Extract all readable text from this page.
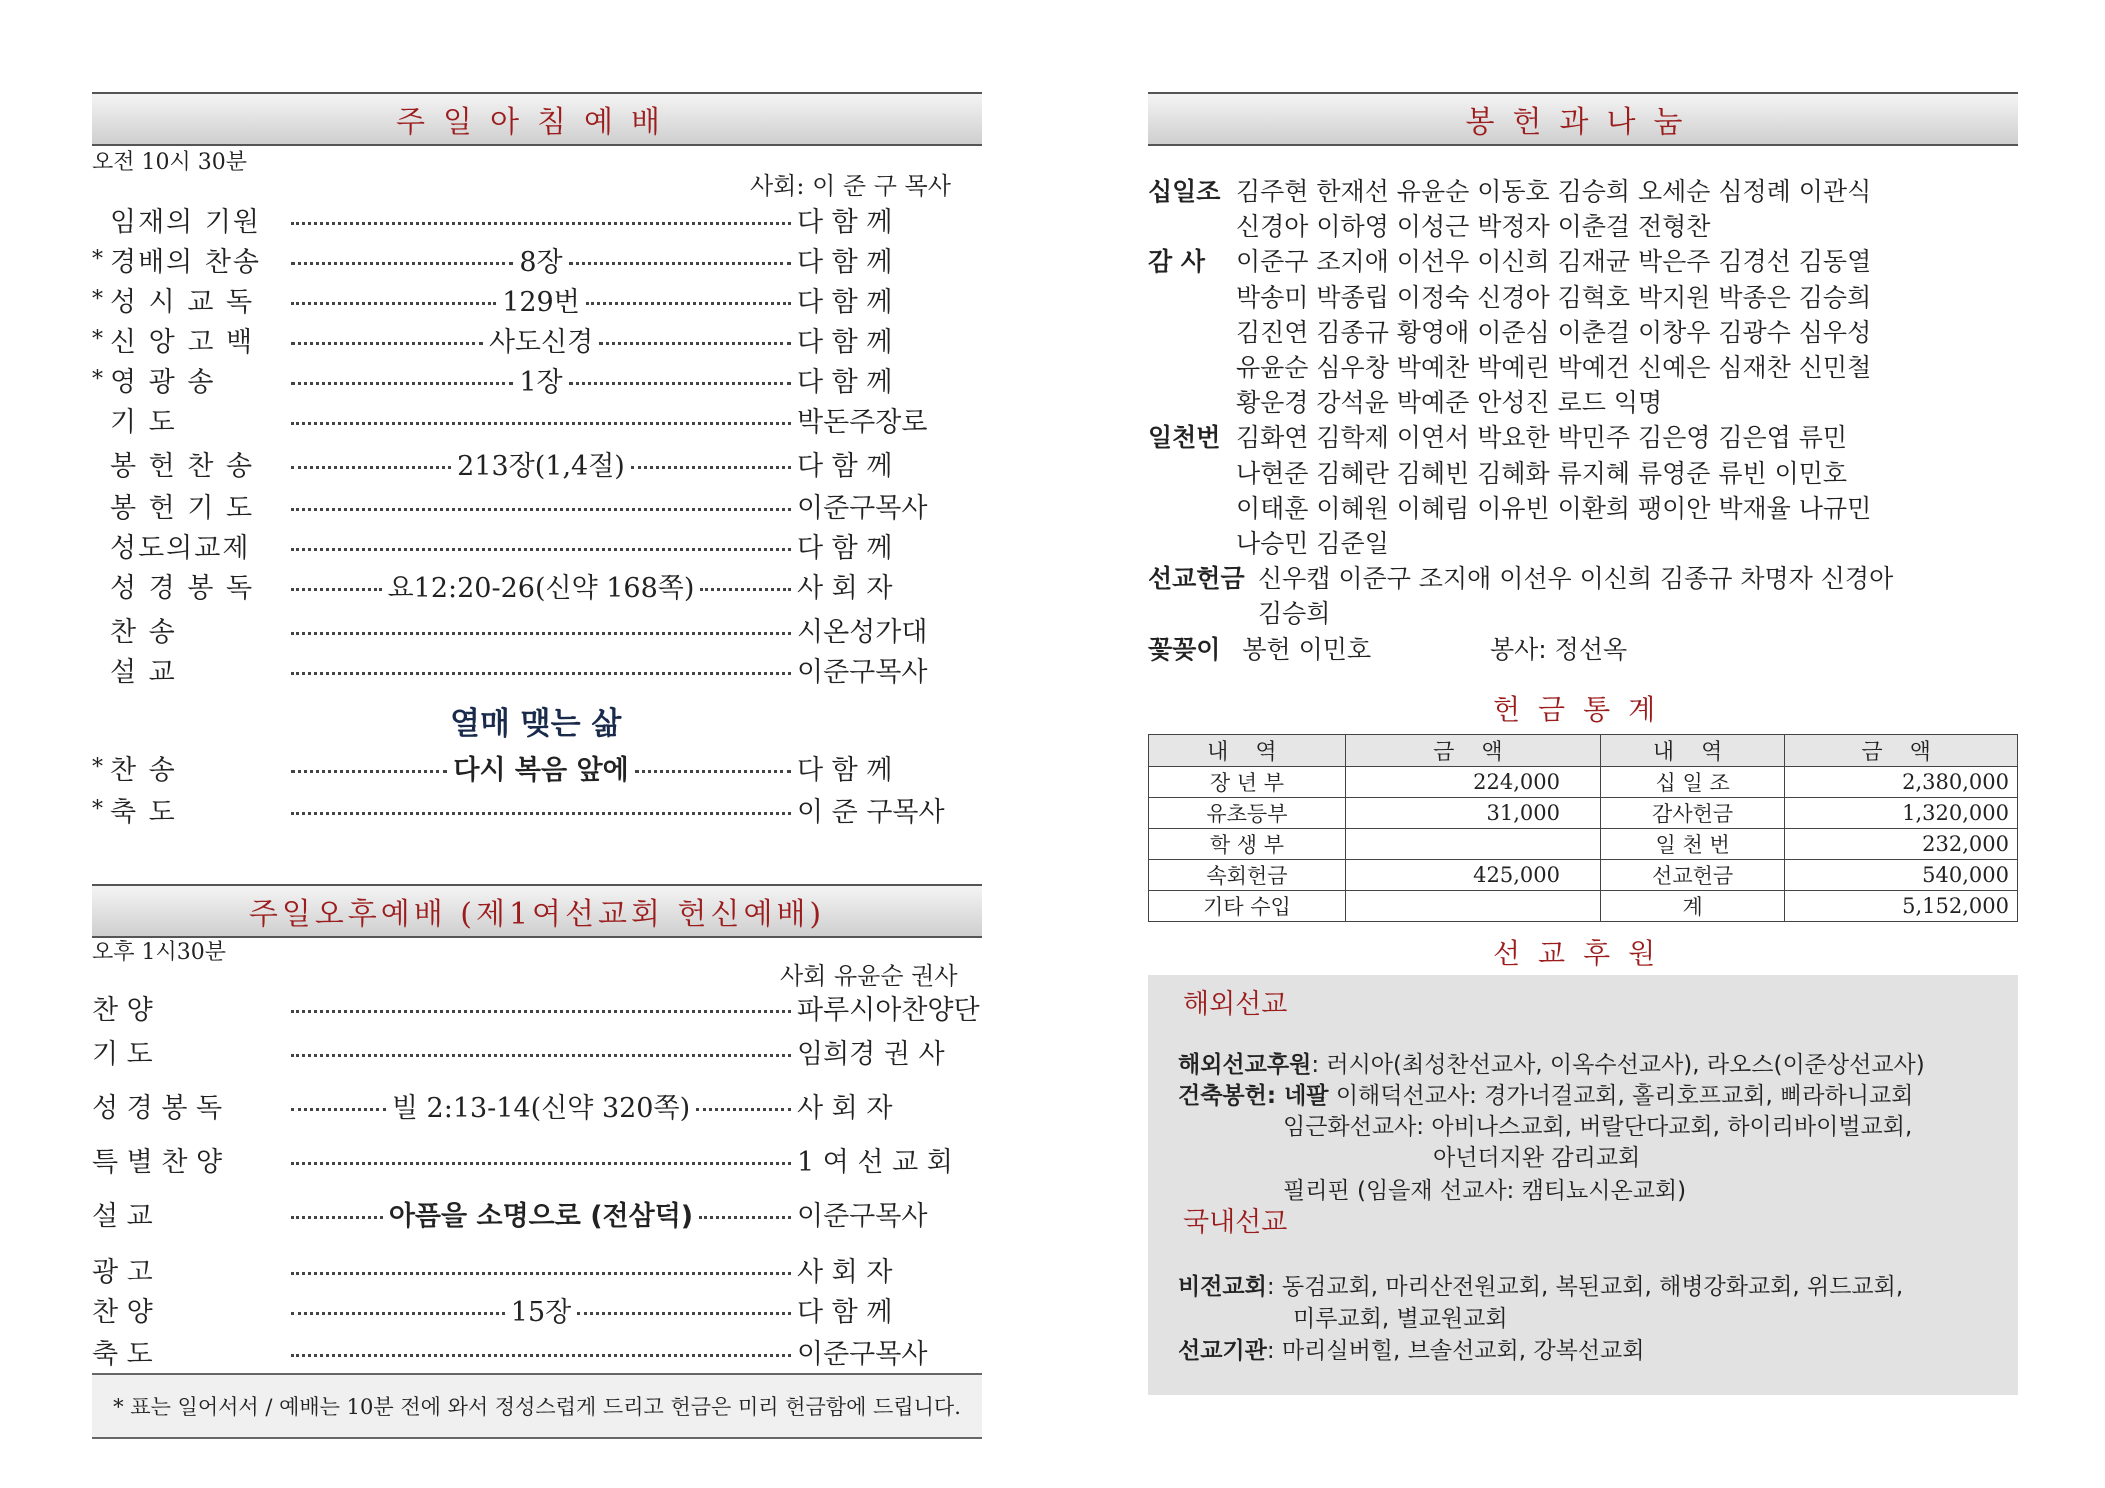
주일아침예배
오전 10시 30분
사회: 이 준 구 목사
임재의 기원	다 함 께
* 경배의 찬송	8장	다 함 께
* 성 시 교 독	129번	다 함 께
* 신 앙 고 백	사도신경	다 함 께
* 영 광 송	1장	다 함 께
기 도	박돈주장로
봉 헌 찬 송	213장(1,4절)	다 함 께
봉 헌 기 도	이준구목사
성도의교제	다 함 께
성 경 봉 독	요12:20-26(신약 168쪽)	사 회 자
찬 송	시온성가대
설 교	이준구목사
* 찬 송	다시 복음 앞에	다 함 께
* 축 도	이 준 구목사
열매 맺는 삶
주일오후예배 (제1여선교회 헌신예배)
오후 1시30분
사회 유윤순 권사
찬 양	파루시아찬양단
기 도	임희경 권 사
성 경 봉 독	빌 2:13-14(신약 320쪽)	사 회 자
특 별 찬 양	1 여 선 교 회
설 교	아픔을 소명으로 (전삼덕)	이준구목사
광 고	사 회 자
찬 양	15장	다 함 께
축 도	이준구목사
* 표는 일어서서 / 예배는 10분 전에 와서 정성스럽게 드리고 헌금은 미리 헌금함에 드립니다.
봉헌과나눔
십일조 김주현 한재선 유윤순 이동호 김승희 오세순 심정례 이관식
신경아 이하영 이성근 박정자 이춘걸 전형찬
감 사 이준구 조지애 이선우 이신희 김재균 박은주 김경선 김동열
박송미 박종립 이정숙 신경아 김혁호 박지원 박종은 김승희
김진연 김종규 황영애 이준심 이춘걸 이창우 김광수 심우성
유윤순 심우창 박예찬 박예린 박예건 신예은 심재찬 신민철
황운경 강석윤 박예준 안성진 로드 익명
일천번 김화연 김학제 이연서 박요한 박민주 김은영 김은엽 류민
나현준 김혜란 김혜빈 김혜화 류지혜 류영준 류빈 이민호
이태훈 이혜원 이혜림 이유빈 이환희 팽이안 박재율 나규민
나승민 김준일
선교헌금 신우캡 이준구 조지애 이선우 이신희 김종규 차명자 신경아
김승희
꽃꽂이 봉헌 이민호	봉사: 정선옥
헌금통계
내 역	금 액	내 역	금 액
장 년 부	224,000	십 일 조	2,380,000
유초등부	31,000	감사헌금	1,320,000
학 생 부		일 천 번	232,000
속회헌금	425,000	선교헌금	540,000
기타 수입		계	5,152,000
선교후원
해외선교
해외선교후원: 러시아(최성찬선교사, 이옥수선교사), 라오스(이준상선교사)
건축봉헌: 네팔 이해덕선교사: 경가너걸교회, 홀리호프교회, 삐라하니교회
임근화선교사: 아비나스교회, 버랄단다교회, 하이리바이벌교회,
아넌더지완 감리교회
필리핀 (임을재 선교사: 캠티뇨시온교회)
국내선교
비전교회: 동검교회, 마리산전원교회, 복된교회, 해병강화교회, 위드교회,
미루교회, 별교원교회
선교기관: 마리실버힐, 브솔선교회, 강복선교회
